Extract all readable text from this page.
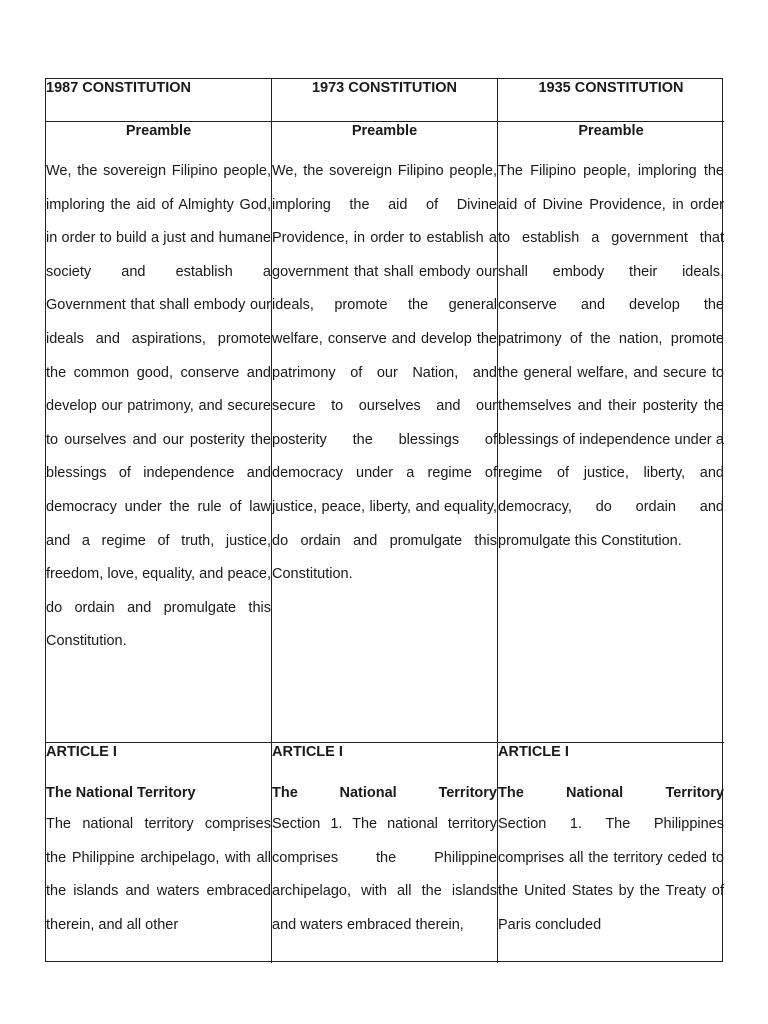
1987 CONSTITUTION	1973 CONSTITUTION	1935 CONSTITUTION
Preamble
We, the sovereign Filipino people, imploring the aid of Almighty God, in order to build a just and humane society and establish a Government that shall embody our ideals and aspirations, promote the common good, conserve and develop our patrimony, and secure to ourselves and our posterity the blessings of independence and democracy under the rule of law and a regime of truth, justice, freedom, love, equality, and peace, do ordain and promulgate this Constitution.
Preamble
We, the sovereign Filipino people, imploring the aid of Divine Providence, in order to establish a government that shall embody our ideals, promote the general welfare, conserve and develop the patrimony of our Nation, and secure to ourselves and our posterity the blessings of democracy under a regime of justice, peace, liberty, and equality, do ordain and promulgate this Constitution.
Preamble
The Filipino people, imploring the aid of Divine Providence, in order to establish a government that shall embody their ideals, conserve and develop the patrimony of the nation, promote the general welfare, and secure to themselves and their posterity the blessings of independence under a regime of justice, liberty, and democracy, do ordain and promulgate this Constitution.
ARTICLE I
The National Territory
The national territory comprises the Philippine archipelago, with all the islands and waters embraced therein, and all other
ARTICLE I
The National Territory
Section 1. The national territory comprises the Philippine archipelago, with all the islands and waters embraced therein,
ARTICLE I
The National Territory
Section 1. The Philippines comprises all the territory ceded to the United States by the Treaty of Paris concluded
